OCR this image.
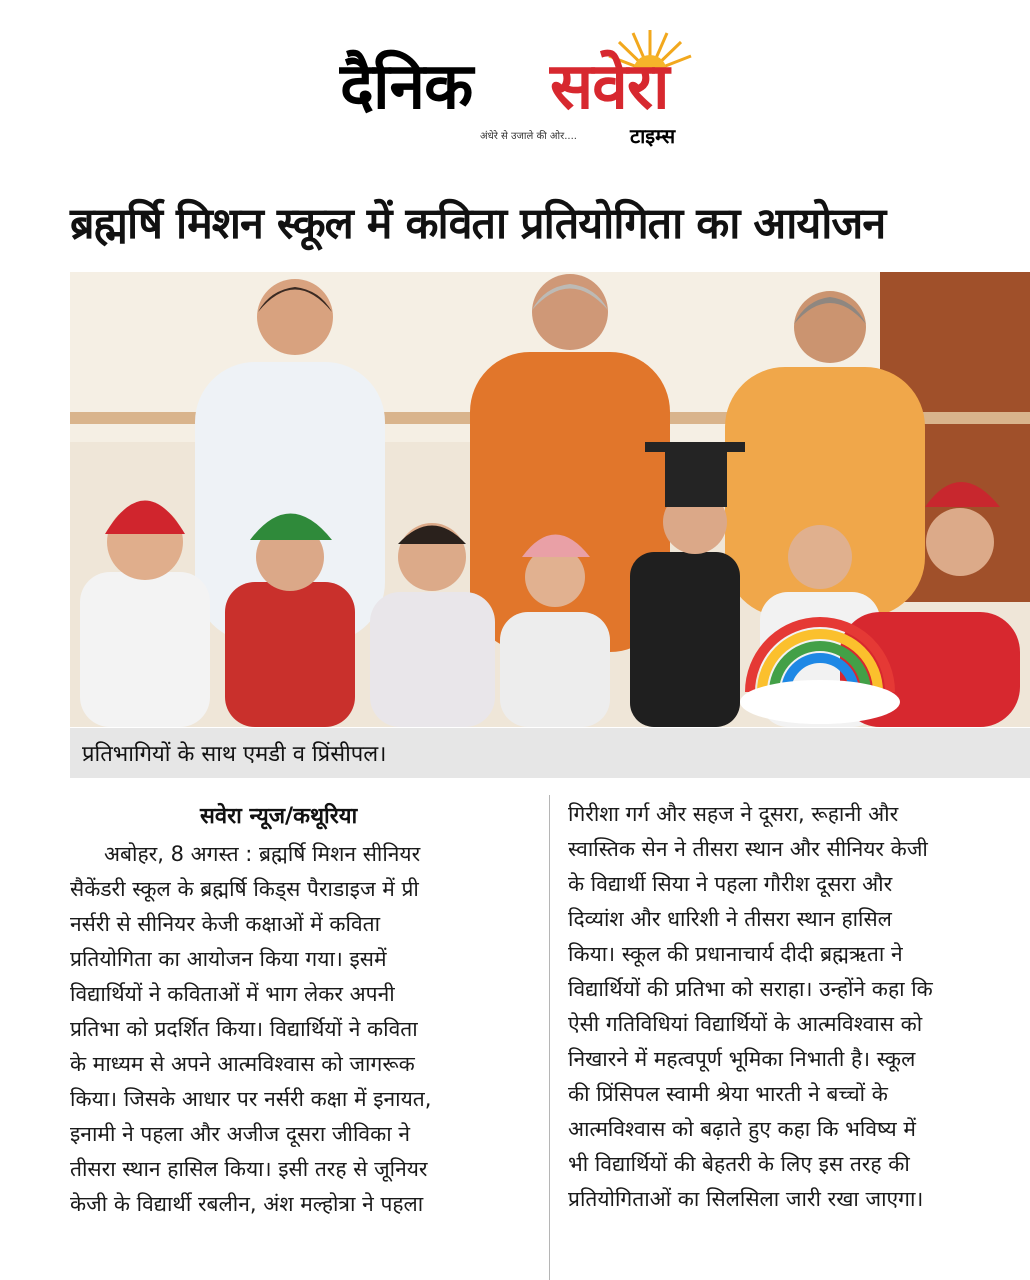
दैनिक सवेरा
अंधेरे से उजाले की ओर....	टाइम्स
ब्रह्मर्षि मिशन स्कूल में कविता प्रतियोगिता का आयोजन
प्रतिभागियों के साथ एमडी व प्रिंसीपल।
सवेरा न्यूज/कथूरिया
अबोहर, 8 अगस्त : ब्रह्मर्षि मिशन सीनियर
सैकेंडरी स्कूल के ब्रह्मर्षि किड्स पैराडाइज में प्री
नर्सरी से सीनियर केजी कक्षाओं में कविता
प्रतियोगिता का आयोजन किया गया। इसमें
विद्यार्थियों ने कविताओं में भाग लेकर अपनी
प्रतिभा को प्रदर्शित किया। विद्यार्थियों ने कविता
के माध्यम से अपने आत्मविश्वास को जागरूक
किया। जिसके आधार पर नर्सरी कक्षा में इनायत,
इनामी ने पहला और अजीज दूसरा जीविका ने
तीसरा स्थान हासिल किया। इसी तरह से जूनियर
केजी के विद्यार्थी रबलीन, अंश मल्होत्रा ने पहला
गिरीशा गर्ग और सहज ने दूसरा, रूहानी और
स्वास्तिक सेन ने तीसरा स्थान और सीनियर केजी
के विद्यार्थी सिया ने पहला गौरीश दूसरा और
दिव्यांश और धारिशी ने तीसरा स्थान हासिल
किया। स्कूल की प्रधानाचार्य दीदी ब्रह्मऋता ने
विद्यार्थियों की प्रतिभा को सराहा। उन्होंने कहा कि
ऐसी गतिविधियां विद्यार्थियों के आत्मविश्वास को
निखारने में महत्वपूर्ण भूमिका निभाती है। स्कूल
की प्रिंसिपल स्वामी श्रेया भारती ने बच्चों के
आत्मविश्वास को बढ़ाते हुए कहा कि भविष्य में
भी विद्यार्थियों की बेहतरी के लिए इस तरह की
प्रतियोगिताओं का सिलसिला जारी रखा जाएगा।
